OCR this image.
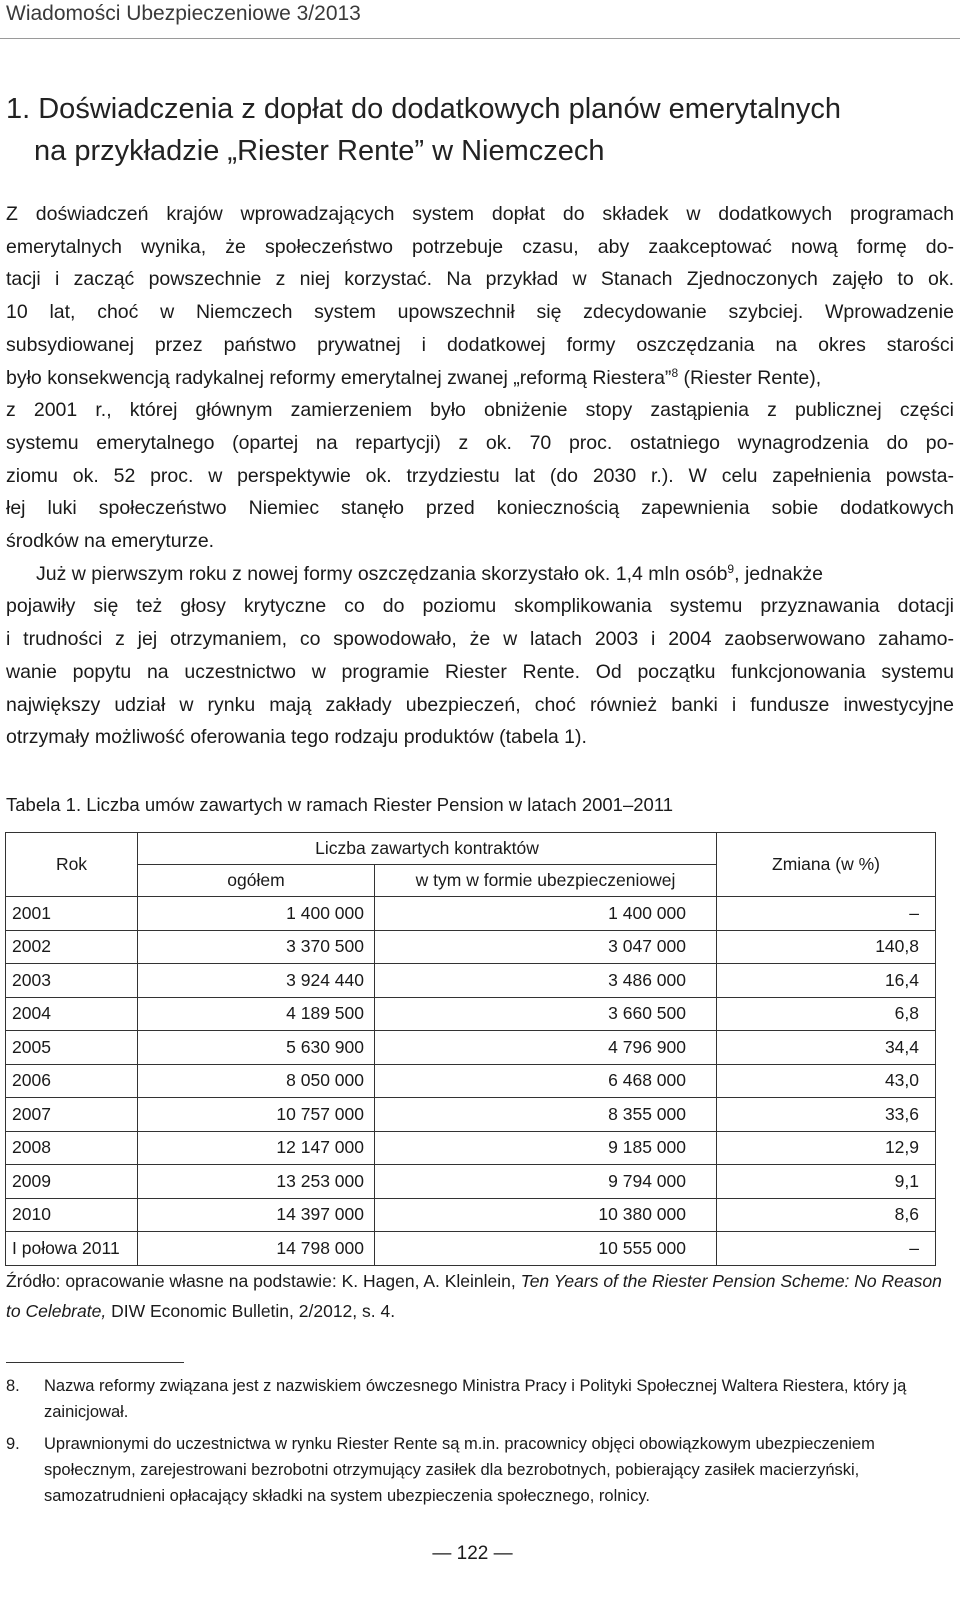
Wiadomości Ubezpieczeniowe 3/2013
1. Doświadczenia z dopłat do dodatkowych planów emerytalnych
na przykładzie „Riester Rente” w Niemczech
Z doświadczeń krajów wprowadzających system dopłat do składek w dodatkowych programach
emerytalnych wynika, że społeczeństwo potrzebuje czasu, aby zaakceptować nową formę do-
tacji i zacząć powszechnie z niej korzystać. Na przykład w Stanach Zjednoczonych zajęło to ok.
10 lat, choć w Niemczech system upowszechnił się zdecydowanie szybciej. Wprowadzenie
subsydiowanej przez państwo prywatnej i dodatkowej formy oszczędzania na okres starości
było konsekwencją radykalnej reformy emerytalnej zwanej „reformą Riestera”$^8$ (Riester Rente),
z 2001 r., której głównym zamierzeniem było obniżenie stopy zastąpienia z publicznej części
systemu emerytalnego (opartej na repartycji) z ok. 70 proc. ostatniego wynagrodzenia do po-
ziomu ok. 52 proc. w perspektywie ok. trzydziestu lat (do 2030 r.). W celu zapełnienia powsta-
łej luki społeczeństwo Niemiec stanęło przed koniecznością zapewnienia sobie dodatkowych
środków na emeryturze.
Już w pierwszym roku z nowej formy oszczędzania skorzystało ok. 1,4 mln osób$^9$, jednakże
pojawiły się też głosy krytyczne co do poziomu skomplikowania systemu przyznawania dotacji
i trudności z jej otrzymaniem, co spowodowało, że w latach 2003 i 2004 zaobserwowano zahamo-
wanie popytu na uczestnictwo w programie Riester Rente. Od początku funkcjonowania systemu
największy udział w rynku mają zakłady ubezpieczeń, choć również banki i fundusze inwestycyjne
otrzymały możliwość oferowania tego rodzaju produktów (tabela 1).
Tabela 1. Liczba umów zawartych w ramach Riester Pension w latach 2001–2011
Rok	Liczba zawartych kontraktów		Zmiana (w %)
	ogółem	w tym w formie ubezpieczeniowej	
2001	1 400 000	1 400 000	–
2002	3 370 500	3 047 000	140,8
2003	3 924 440	3 486 000	16,4
2004	4 189 500	3 660 500	6,8
2005	5 630 900	4 796 900	34,4
2006	8 050 000	6 468 000	43,0
2007	10 757 000	8 355 000	33,6
2008	12 147 000	9 185 000	12,9
2009	13 253 000	9 794 000	9,1
2010	14 397 000	10 380 000	8,6
I połowa 2011	14 798 000	10 555 000	–
Źródło: opracowanie własne na podstawie: K. Hagen, A. Kleinlein, Ten Years of the Riester Pension Scheme: No Reason to Celebrate, DIW Economic Bulletin, 2/2012, s. 4.
8.	Nazwa reformy związana jest z nazwiskiem ówczesnego Ministra Pracy i Polityki Społecznej Waltera Riestera, który ją zainicjował.
9.	Uprawnionymi do uczestnictwa w rynku Riester Rente są m.in. pracownicy objęci obowiązkowym ubezpieczeniem społecznym, zarejestrowani bezrobotni otrzymujący zasiłek dla bezrobotnych, pobierający zasiłek macierzyński, samozatrudnieni opłacający składki na system ubezpieczenia społecznego, rolnicy.
— 122 —
